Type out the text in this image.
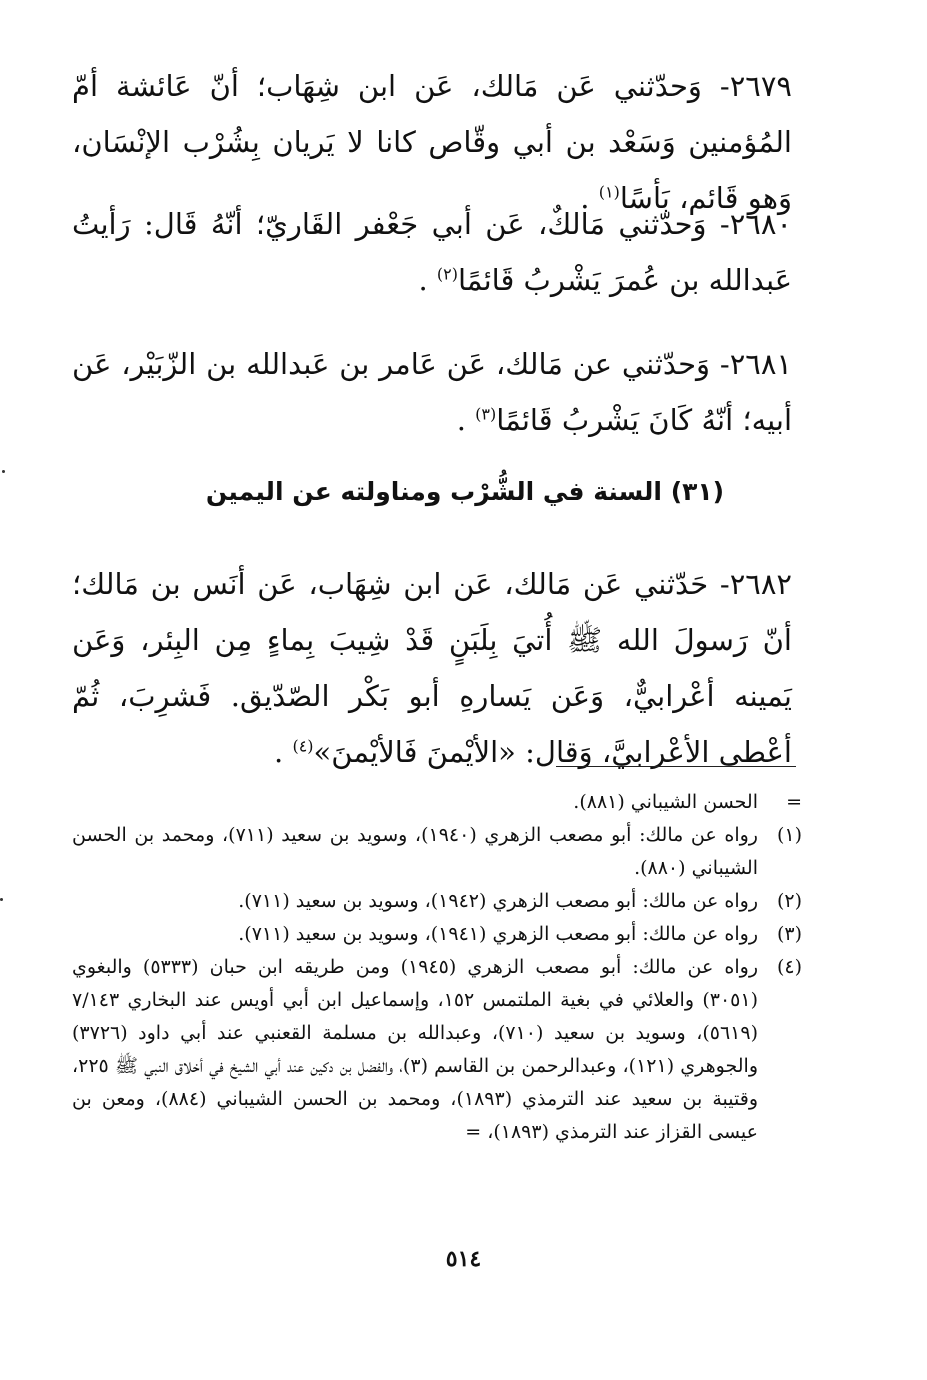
٢٦٧٩- وَحدّثني عَن مَالك، عَن ابن شِهَاب؛ أنّ عَائشة أمّ المُؤمنين وَسَعْد بن أبي وقّاص كانا لا يَريان بِشُرْب الإنْسَان، وَهو قَائم، بَأسًا$^{(١)}$ .

٢٦٨٠- وَحدّثني مَالكٌ، عَن أبي جَعْفر القَاريّ؛ أنّهُ قَال: رَأيتُ عَبدالله بن عُمرَ يَشْربُ قَائمًا$^{(٢)}$ .

٢٦٨١- وَحدّثني عن مَالك، عَن عَامر بن عَبدالله بن الزّبَيْر، عَن أبيه؛ أنّهُ كَانَ يَشْربُ قَائمًا$^{(٣)}$ .

(٣١) السنة في الشُّرْب ومناولته عن اليمين

٢٦٨٢- حَدّثني عَن مَالك، عَن ابن شِهَاب، عَن أنَس بن مَالك؛ أنّ رَسولَ الله ﷺ أُتيَ بِلَبَنٍ قَدْ شِيبَ بِماءٍ مِن البِئر، وَعَن يَمينه أعْرابيٌّ، وَعَن يَسارهِ أبو بَكْر الصّدّيق. فَشرِبَ، ثُمّ أعْطى الأعْرابيَّ، وَقال: «الأيْمنَ فَالأيْمنَ»$^{(٤)}$ .

=
الحسن الشيباني (٨٨١).
(١)
رواه عن مالك: أبو مصعب الزهري (١٩٤٠)، وسويد بن سعيد (٧١١)، ومحمد بن الحسن الشيباني (٨٨٠).
(٢)
رواه عن مالك: أبو مصعب الزهري (١٩٤٢)، وسويد بن سعيد (٧١١).
(٣)
رواه عن مالك: أبو مصعب الزهري (١٩٤١)، وسويد بن سعيد (٧١١).
(٤)
رواه عن مالك: أبو مصعب الزهري (١٩٤٥) ومن طريقه ابن حبان (٥٣٣٣) والبغوي (٣٠٥١) والعلائي في بغية الملتمس ١٥٢، وإسماعيل ابن أبي أويس عند البخاري ٧/١٤٣ (٥٦١٩)، وسويد بن سعيد (٧١٠)، وعبدالله بن مسلمة القعنبي عند أبي داود (٣٧٢٦) والجوهري (١٢١)، وعبدالرحمن بن القاسم (٣)، والفضل بن دكين عند أبي الشيخ في أخلاق النبي ﷺ ٢٢٥، وقتيبة بن سعيد عند الترمذي (١٨٩٣)، ومحمد بن الحسن الشيباني (٨٨٤)، ومعن بن عيسى القزاز عند الترمذي (١٨٩٣)، =
٥١٤
